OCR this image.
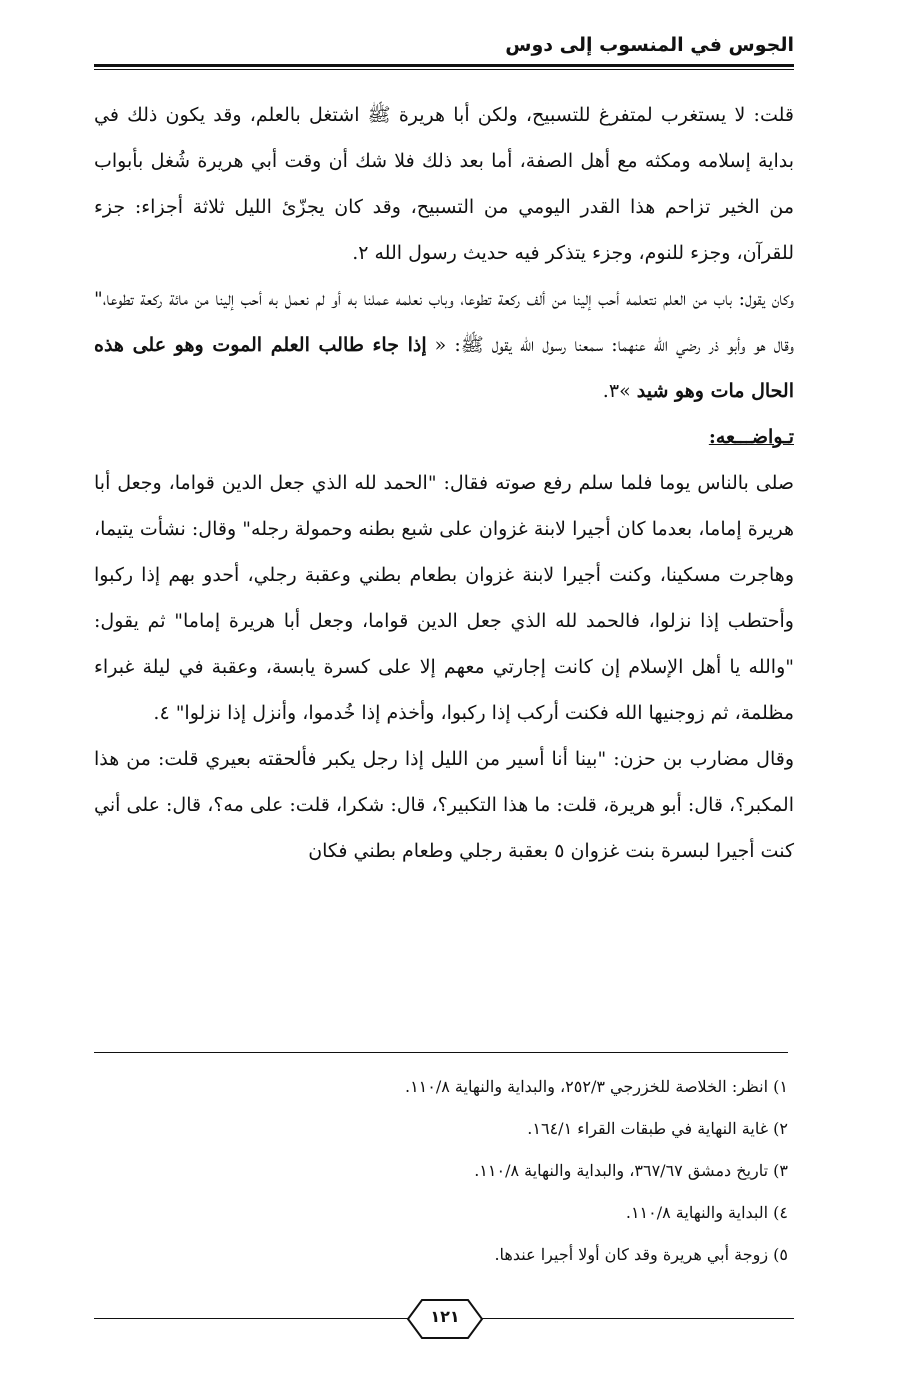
الجوس في المنسوب إلى دوس

قلت: لا يستغرب لمتفرغ للتسبيح، ولكن أبا هريرة ﷺ اشتغل بالعلم، وقد يكون ذلك في بداية إسلامه ومكثه مع أهل الصفة، أما بعد ذلك فلا شك أن وقت أبي هريرة شُغل بأبواب من الخير تزاحم هذا القدر اليومي من التسبيح، وقد كان يجزّئ الليل ثلاثة أجزاء: جزء للقرآن، وجزء للنوم، وجزء يتذكر فيه حديث رسول الله ٢.

وكان يقول: باب من العلم نتعلمه أحب إلينا من ألف ركعة تطوعا، وباب نعلمه عملنا به أو لم نعمل به أحب إلينا من مائة ركعة تطوعا،" وقال هو وأبو ذر رضي الله عنهما: سمعنا رسول الله يقول ﷺ: « إذا جاء طالب العلم الموت وهو على هذه الحال مات وهو شيد »٣.

تـواضـــعه:

صلى بالناس يوما فلما سلم رفع صوته فقال: "الحمد لله الذي جعل الدين قواما، وجعل أبا هريرة إماما، بعدما كان أجيرا لابنة غزوان على شبع بطنه وحمولة رجله" وقال: نشأت يتيما، وهاجرت مسكينا، وكنت أجيرا لابنة غزوان بطعام بطني وعقبة رجلي، أحدو بهم إذا ركبوا وأحتطب إذا نزلوا، فالحمد لله الذي جعل الدين قواما، وجعل أبا هريرة إماما" ثم يقول: "والله يا أهل الإسلام إن كانت إجارتي معهم إلا على كسرة يابسة، وعقبة في ليلة غبراء مظلمة، ثم زوجنيها الله فكنت أركب إذا ركبوا، وأخذم إذا خُدموا، وأنزل إذا نزلوا" ٤.

وقال مضارب بن حزن: "بينا أنا أسير من الليل إذا رجل يكبر فألحقته بعيري قلت: من هذا المكبر؟، قال: أبو هريرة، قلت: ما هذا التكبير؟، قال: شكرا، قلت: على مه؟، قال: على أني كنت أجيرا لبسرة بنت غزوان ٥ بعقبة رجلي وطعام بطني فكان

١) انظر: الخلاصة للخزرجي ٢٥٢/٣، والبداية والنهاية ١١٠/٨.

٢) غاية النهاية في طبقات القراء ١٦٤/١.

٣) تاريخ دمشق ٣٦٧/٦٧، والبداية والنهاية ١١٠/٨.

٤) البداية والنهاية ١١٠/٨.

٥) زوجة أبي هريرة وقد كان أولا أجيرا عندها.

١٢١
